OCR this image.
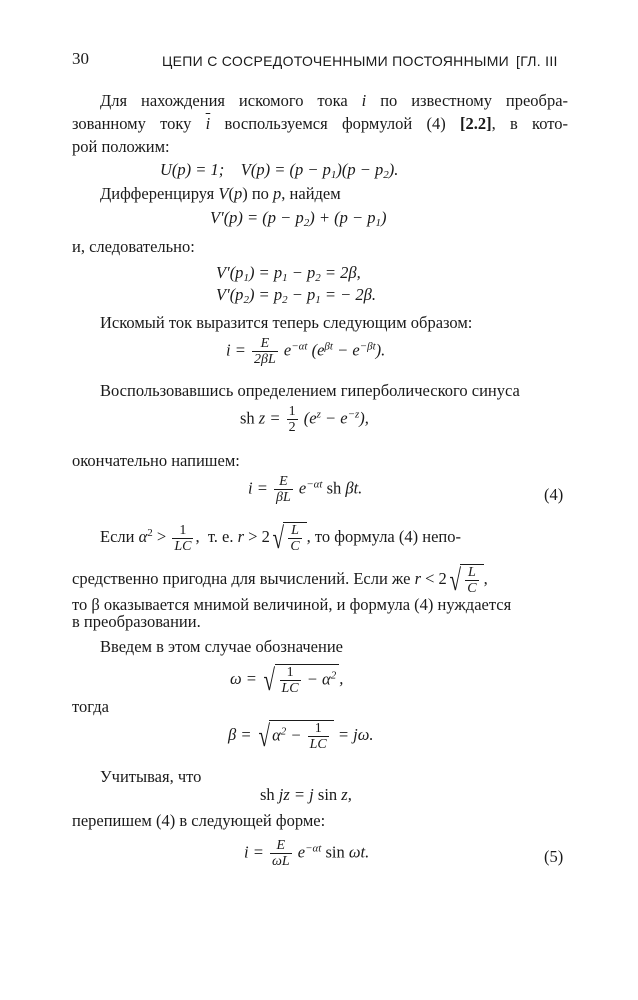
30	ЦЕПИ С СОСРЕДОТОЧЕННЫМИ ПОСТОЯННЫМИ [ГЛ. III
Для нахождения искомого тока i по известному преобра-
зованному току $\overline{i}$ воспользуемся формулой (4) [2.2], в кото-
рой положим:
U(p) = 1;    $V(p) = (p - p_1)(p - p_2)$.
Дифференцируя V(p) по p, найдем
$V'(p) = (p - p_2) + (p - p_1)$
и, следовательно:
$V'(p_1) = p_1 - p_2 = 2\beta$,
$V'(p_2) = p_2 - p_1$ = − 2β.
Искомый ток выразится теперь следующим образом:
$i = \frac{E}{2\beta L} e^{-\alpha t}$ $(e^{\beta t} - e^{-\beta t})$.
Воспользовавшись определением гиперболического синуса
sh $z = \frac{1}{2} (e^z - e^{-z})$,
окончательно напишем:
$i = \frac{E}{\beta L} e^{-\alpha t}$ sh βt.	(4)
Если $\alpha^2 > \frac{1}{LC}$ ,  т. е. $r > 2√ \frac{L}{C}$ , то формула (4) непо-
средственно пригодна для вычислений. Если же $r < 2√ \frac{L}{C}$ ,
то β оказывается мнимой величиной, и формула (4) нуждается
в преобразовании.
Введем в этом случае обозначение
ω = √ $\frac{1}{LC} - \alpha^2$ ,
тогда
β = √ $\alpha^2 - \frac{1}{LC} = j\omega$.
Учитывая, что
sh jz = j sin z,
перепишем (4) в следующей форме:
$i = \frac{E}{\omega L} e^{-\alpha t}$ sin ωt.	(5)
